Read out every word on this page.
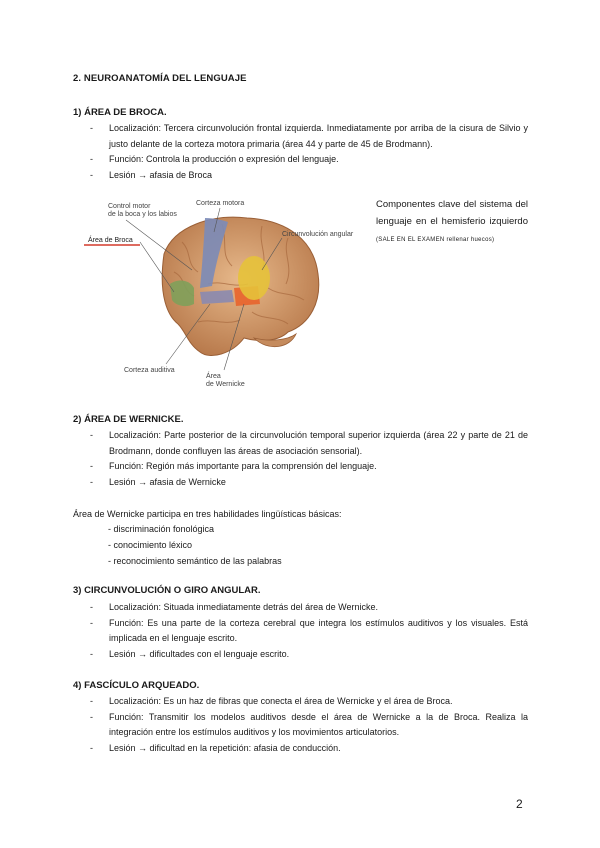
2. NEUROANATOMÍA DEL LENGUAJE
1) ÁREA DE BROCA.
- Localización: Tercera circunvolución frontal izquierda. Inmediatamente por arriba de la cisura de Silvio y justo delante de la corteza motora primaria (área 44 y parte de 45 de Brodmann).
- Función: Controla la producción o expresión del lenguaje.
- Lesión → afasia de Broca
Control motor
de la boca y los labios
Corteza motora
Área de Broca
Circunvolución angular
Corteza auditiva
Área
de Wernicke
Componentes clave del sistema del lenguaje en el hemisferio izquierdo (SALE EN EL EXAMEN rellenar huecos)
2) ÁREA DE WERNICKE.
- Localización: Parte posterior de la circunvolución temporal superior izquierda (área 22 y parte de 21 de Brodmann, donde confluyen las áreas de asociación sensorial).
- Función: Región más importante para la comprensión del lenguaje.
- Lesión → afasia de Wernicke
Área de Wernicke participa en tres habilidades lingüísticas básicas:
- discriminación fonológica
- conocimiento léxico
- reconocimiento semántico de las palabras
3) CIRCUNVOLUCIÓN O GIRO ANGULAR.
- Localización: Situada inmediatamente detrás del área de Wernicke.
- Función: Es una parte de la corteza cerebral que integra los estímulos auditivos y los visuales. Está implicada en el lenguaje escrito.
- Lesión → dificultades con el lenguaje escrito.
4) FASCÍCULO ARQUEADO.
- Localización: Es un haz de fibras que conecta el área de Wernicke y el área de Broca.
- Función: Transmitir los modelos auditivos desde el área de Wernicke a la de Broca. Realiza la integración entre los estímulos auditivos y los movimientos articulatorios.
- Lesión → dificultad en la repetición: afasia de conducción.
2
